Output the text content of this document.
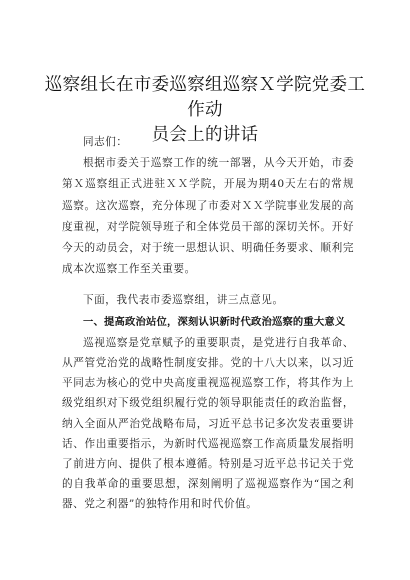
巡察组长在市委巡察组巡察Ｘ学院党委工作动
员会上的讲话

同志们：

根据市委关于巡察工作的统一部署，从今天开始，市委第Ｘ巡察组正式进驻ＸＸ学院，开展为期40天左右的常规巡察。这次巡察，充分体现了市委对ＸＸ学院事业发展的高度重视，对学院领导班子和全体党员干部的深切关怀。开好今天的动员会，对于统一思想认识、明确任务要求、顺利完成本次巡察工作至关重要。

下面，我代表市委巡察组，讲三点意见。

一、提高政治站位，深刻认识新时代政治巡察的重大意义

巡视巡察是党章赋予的重要职责，是党进行自我革命、从严管党治党的战略性制度安排。党的十八大以来，以习近平同志为核心的党中央高度重视巡视巡察工作，将其作为上级党组织对下级党组织履行党的领导职能责任的政治监督，纳入全面从严治党战略布局，习近平总书记多次发表重要讲话、作出重要指示，为新时代巡视巡察工作高质量发展指明了前进方向、提供了根本遵循。特别是习近平总书记关于党的自我革命的重要思想，深刻阐明了巡视巡察作为“国之利器、党之利器”的独特作用和时代价值。
